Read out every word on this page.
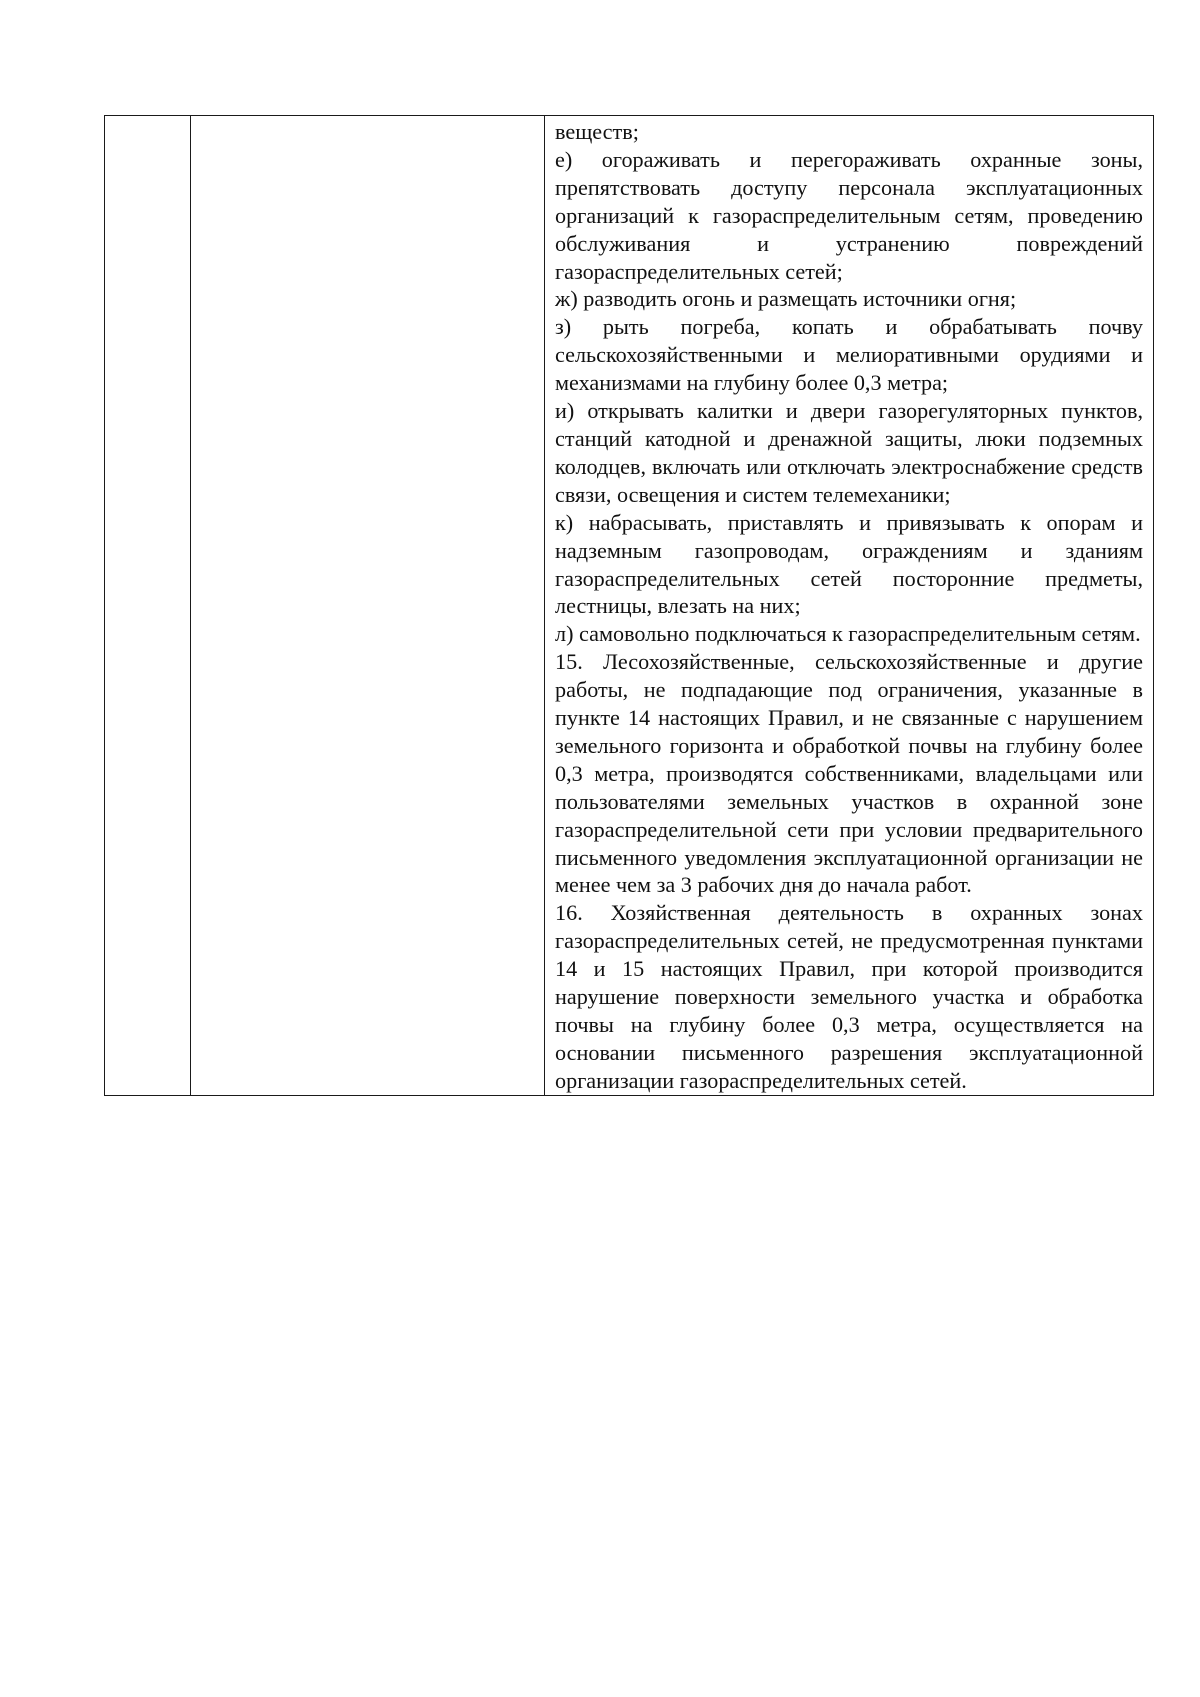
веществ;

е) огораживать и перегораживать охранные зоны, препятствовать доступу персонала эксплуатационных организаций к газораспределительным сетям, проведению обслуживания и устранению повреждений газораспределительных сетей;

ж) разводить огонь и размещать источники огня;

з) рыть погреба, копать и обрабатывать почву сельскохозяйственными и мелиоративными орудиями и механизмами на глубину более 0,3 метра;

и) открывать калитки и двери газорегуляторных пунктов, станций катодной и дренажной защиты, люки подземных колодцев, включать или отключать электроснабжение средств связи, освещения и систем телемеханики;

к) набрасывать, приставлять и привязывать к опорам и надземным газопроводам, ограждениям и зданиям газораспределительных сетей посторонние предметы, лестницы, влезать на них;

л) самовольно подключаться к газораспределительным сетям.

15. Лесохозяйственные, сельскохозяйственные и другие работы, не подпадающие под ограничения, указанные в пункте 14 настоящих Правил, и не связанные с нарушением земельного горизонта и обработкой почвы на глубину более 0,3 метра, производятся собственниками, владельцами или пользователями земельных участков в охранной зоне газораспределительной сети при условии предварительного письменного уведомления эксплуатационной организации не менее чем за 3 рабочих дня до начала работ.

16. Хозяйственная деятельность в охранных зонах газораспределительных сетей, не предусмотренная пунктами 14 и 15 настоящих Правил, при которой производится нарушение поверхности земельного участка и обработка почвы на глубину более 0,3 метра, осуществляется на основании письменного разрешения эксплуатационной организации газораспределительных сетей.
